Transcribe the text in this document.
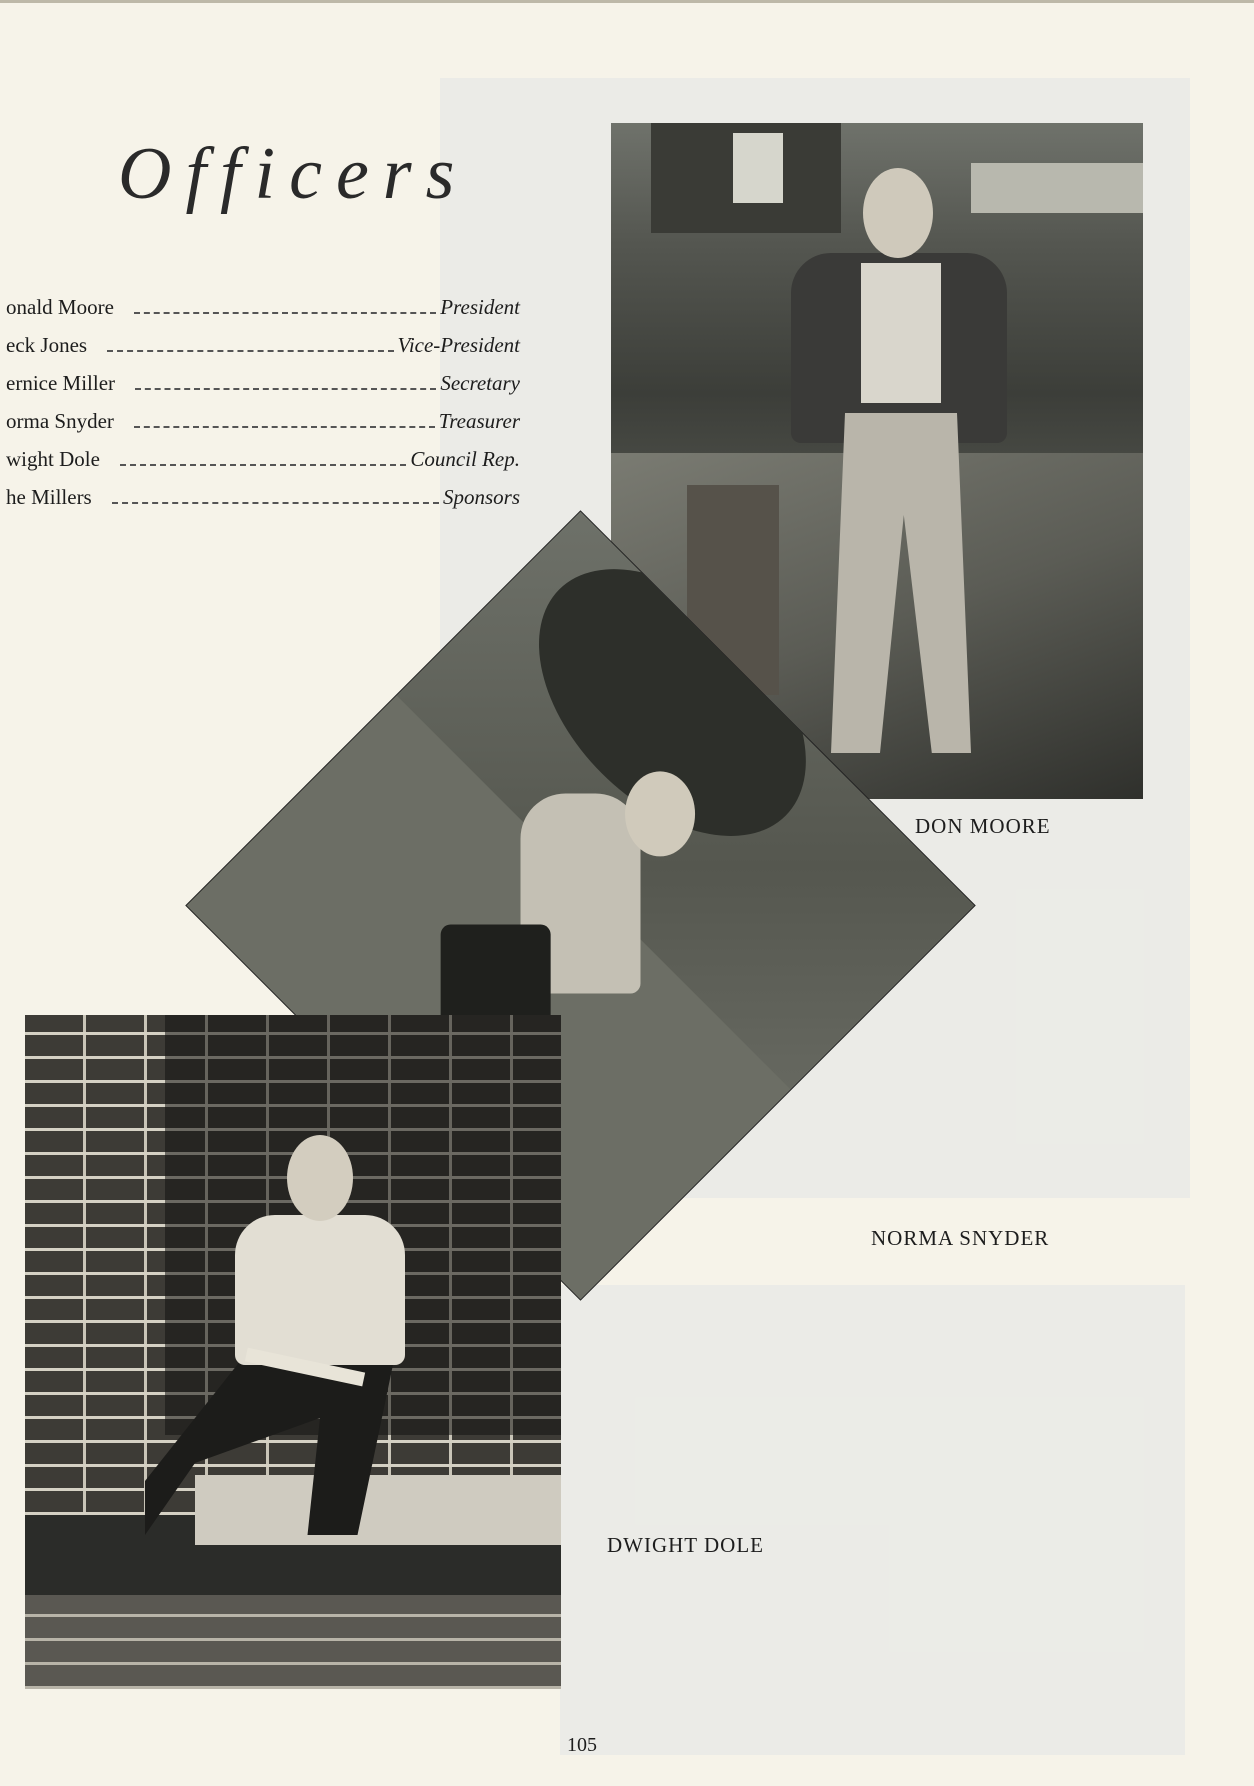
Officers
onald Moore	President
eck Jones	Vice-President
ernice Miller	Secretary
orma Snyder	Treasurer
wight Dole	Council Rep.
he Millers	Sponsors
DON MOORE
NORMA SNYDER
DWIGHT DOLE
105
